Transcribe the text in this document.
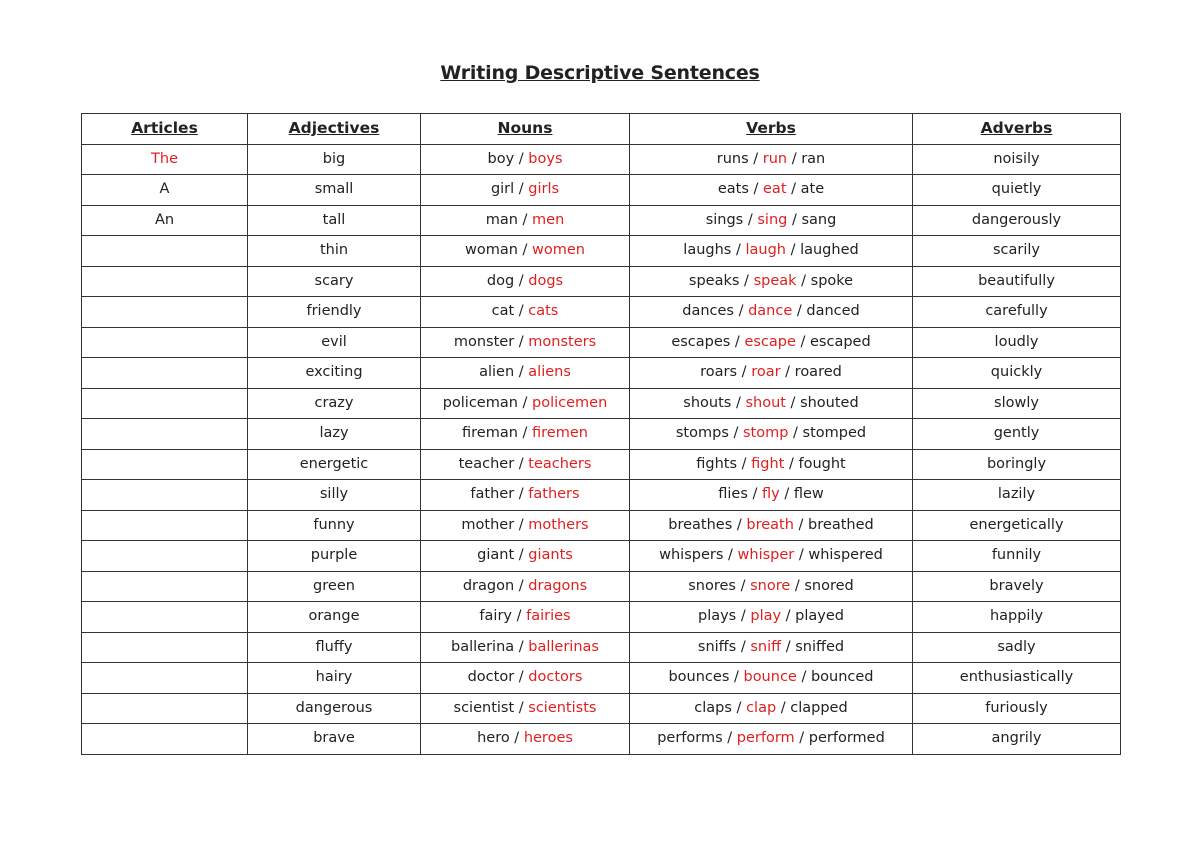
Writing Descriptive Sentences
Articles	Adjectives	Nouns	Verbs	Adverbs
The	big	boy / boys	runs / run / ran	noisily
A	small	girl / girls	eats / eat / ate	quietly
An	tall	man / men	sings / sing / sang	dangerously
	thin	woman / women	laughs / laugh / laughed	scarily
	scary	dog / dogs	speaks / speak / spoke	beautifully
	friendly	cat / cats	dances / dance / danced	carefully
	evil	monster / monsters	escapes / escape / escaped	loudly
	exciting	alien / aliens	roars / roar / roared	quickly
	crazy	policeman / policemen	shouts / shout / shouted	slowly
	lazy	fireman / firemen	stomps / stomp / stomped	gently
	energetic	teacher / teachers	fights / fight / fought	boringly
	silly	father / fathers	flies / fly / flew	lazily
	funny	mother / mothers	breathes / breath / breathed	energetically
	purple	giant / giants	whispers / whisper / whispered	funnily
	green	dragon / dragons	snores / snore / snored	bravely
	orange	fairy / fairies	plays / play / played	happily
	fluffy	ballerina / ballerinas	sniffs / sniff / sniffed	sadly
	hairy	doctor / doctors	bounces / bounce / bounced	enthusiastically
	dangerous	scientist / scientists	claps / clap / clapped	furiously
	brave	hero / heroes	performs / perform / performed	angrily
